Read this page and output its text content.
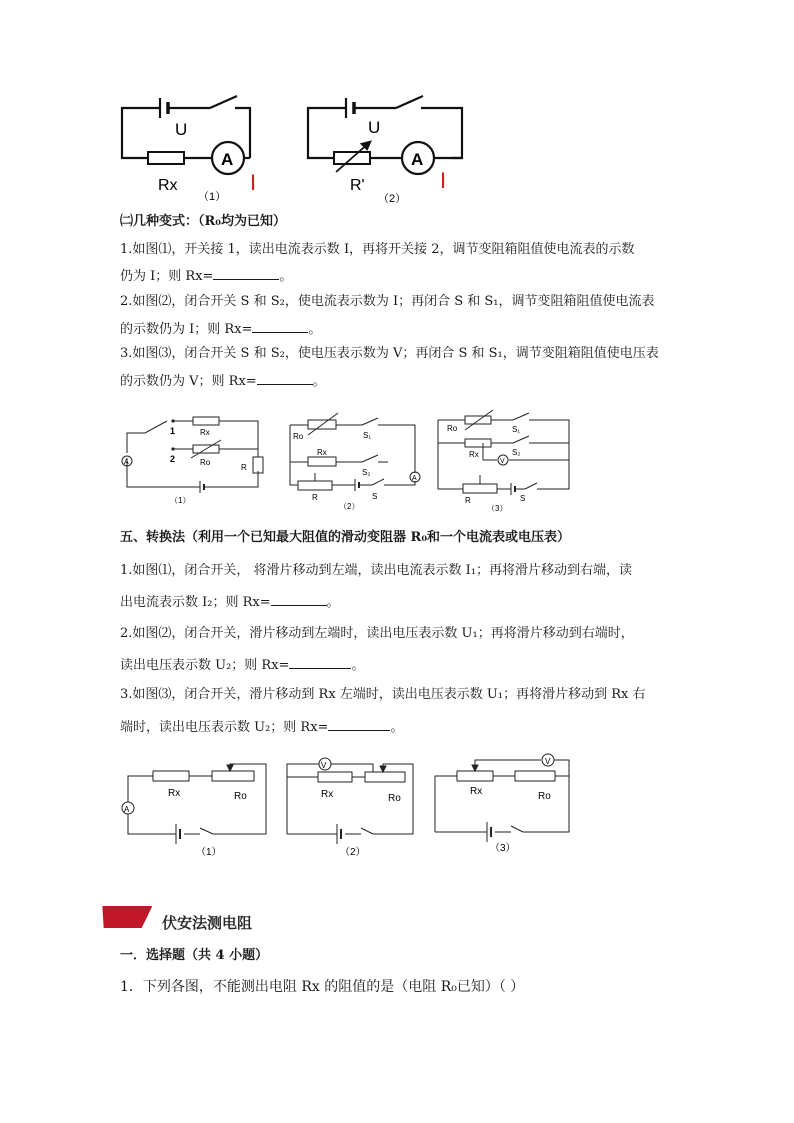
U
A
Rx
（1）
I
U
A
R'
（2）
I
㈡几种变式：（R₀均为已知）
1.如图⑴，开关接 1，读出电流表示数 I，再将开关接 2，调节变阻箱阻值使电流表的示数
仍为 I；则 Rx=	。
2.如图⑵，闭合开关 S 和 S₂，使电流表示数为 I；再闭合 S 和 S₁，调节变阻箱阻值使电流表
的示数仍为 I；则 Rx=	。
3.如图⑶，闭合开关 S 和 S₂，使电压表示数为 V；再闭合 S 和 S₁，调节变阻箱阻值使电压表
的示数仍为 V；则 Rx=	。
1
2
Rx
Ro
R
A
（1）
Ro	S₁
Rx
S₂
R	S
A
（2）
Ro	S₁
Rx	S₂
V
R	S
（3）
五、转换法（利用一个已知最大阻值的滑动变阻器 R₀和一个电流表或电压表）
1.如图⑴，闭合开关， 将滑片移动到左端，读出电流表示数 I₁；再将滑片移动到右端，读
出电流表示数 I₂；则 Rx=	。
2.如图⑵，闭合开关，滑片移动到左端时，读出电压表示数 U₁；再将滑片移动到右端时，
读出电压表示数 U₂；则 Rx=	。
3.如图⑶，闭合开关，滑片移动到 Rx 左端时，读出电压表示数 U₁；再将滑片移动到 Rx 右
端时，读出电压表示数 U₂；则 Rx=	。
Rx	Ro
A
（1）
V
Rx	Ro
（2）
V
Rx	Ro
（3）
伏安法测电阻
一．选择题（共 4 小题）
1．下列各图，不能测出电阻 Rx 的阻值的是（电阻 R₀已知）（ ）
